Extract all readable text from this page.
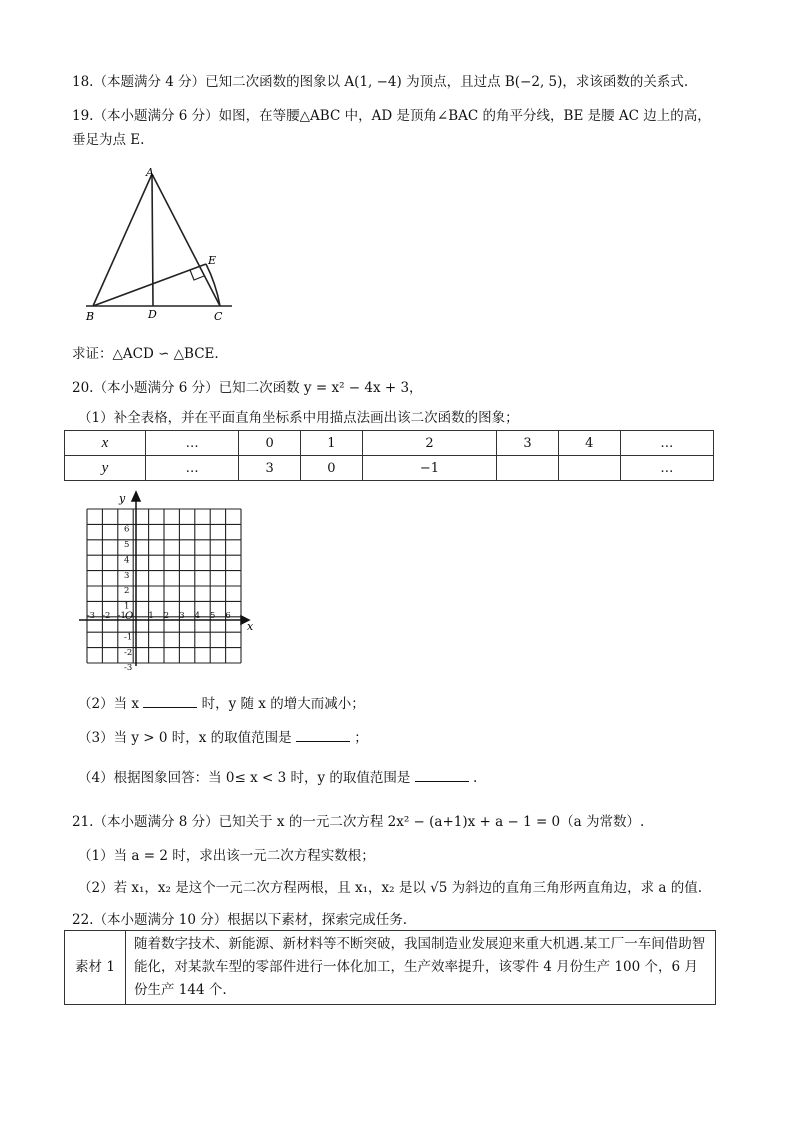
18.（本题满分 4 分）已知二次函数的图象以 A(1, −4) 为顶点，且过点 B(−2, 5)，求该函数的关系式.
19.（本小题满分 6 分）如图，在等腰△ABC 中，AD 是顶角∠BAC 的角平分线，BE 是腰 AC 边上的高，
垂足为点 E.
A
B	C
D
E
求证：△ACD ∽ △BCE.
20.（本小题满分 6 分）已知二次函数 y = x² − 4x + 3，
（1）补全表格，并在平面直角坐标系中用描点法画出该二次函数的图象；
x	…	0	1	2	3	4	…
y	…	3	0	−1			…
x
y
O
-3 -2 -1	1 2 3 4 5 6
6
5
4
3
2
1
-1
-2
-3
（2）当 x	时，y 随 x 的增大而减小；
（3）当 y > 0 时，x 的取值范围是	；
（4）根据图象回答：当 0≤ x < 3 时，y 的取值范围是	.
21.（本小题满分 8 分）已知关于 x 的一元二次方程 2x² − (a+1)x + a − 1 = 0（a 为常数）.
（1）当 a = 2 时，求出该一元二次方程实数根；
（2）若 x₁，x₂ 是这个一元二次方程两根，且 x₁，x₂ 是以 √5 为斜边的直角三角形两直角边，求 a 的值.
22.（本小题满分 10 分）根据以下素材，探索完成任务.
素材 1	随着数字技术、新能源、新材料等不断突破，我国制造业发展迎来重大机遇.某工厂一车间借助智能化，对某款车型的零部件进行一体化加工，生产效率提升，该零件 4 月份生产 100 个，6 月份生产 144 个.
